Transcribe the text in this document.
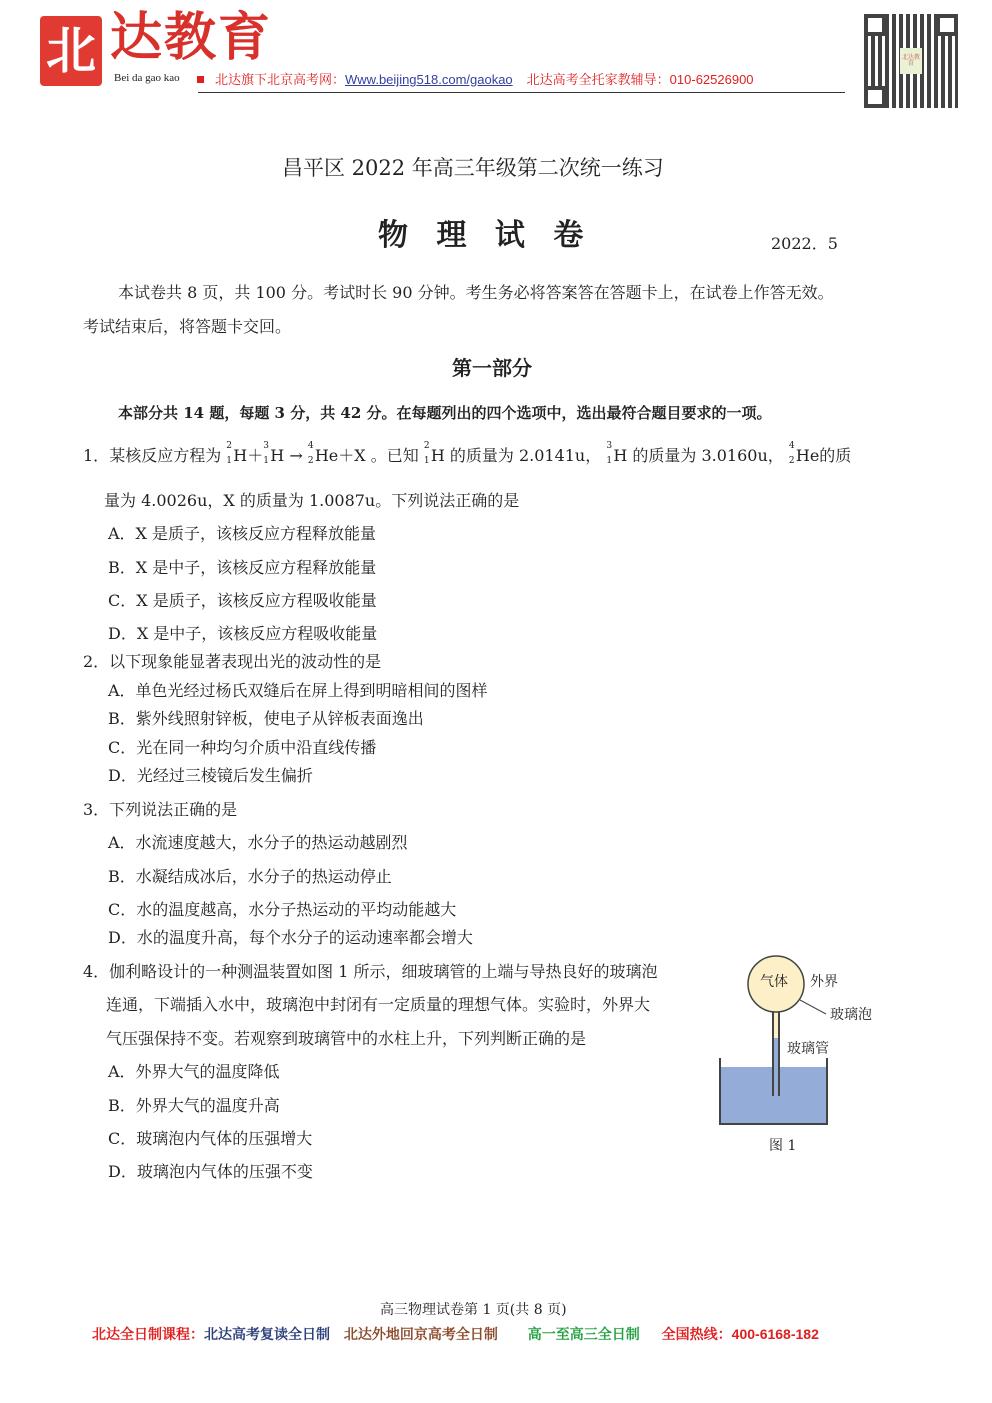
北 达教育
Bei da gao kao	北达旗下北京高考网：Www.beijing518.com/gaokao 北达高考全托家教辅导：010-62526900
北达教育
昌平区 2022 年高三年级第二次统一练习
物 理 试 卷	2022．5
本试卷共 8 页，共 100 分。考试时长 90 分钟。考生务必将答案答在答题卡上，在试卷上作答无效。
考试结束后，将答题卡交回。
第一部分
本部分共 14 题，每题 3 分，共 42 分。在每题列出的四个选项中，选出最符合题目要求的一项。
1．某核反应方程为 2
1 H＋ 3
1 H → 4
2 He＋X 。已知 2
1 H 的质量为 2.0141u， 3
1 H 的质量为 3.0160u， 4
2 He的质
量为 4.0026u，X 的质量为 1.0087u。下列说法正确的是
A．X 是质子，该核反应方程释放能量
B．X 是中子，该核反应方程释放能量
C．X 是质子，该核反应方程吸收能量
D．X 是中子，该核反应方程吸收能量
2．以下现象能显著表现出光的波动性的是
A．单色光经过杨氏双缝后在屏上得到明暗相间的图样
B．紫外线照射锌板，使电子从锌板表面逸出
C．光在同一种均匀介质中沿直线传播
D．光经过三棱镜后发生偏折
3．下列说法正确的是
A．水流速度越大，水分子的热运动越剧烈
B．水凝结成冰后，水分子的热运动停止
C．水的温度越高，水分子热运动的平均动能越大
D．水的温度升高，每个水分子的运动速率都会增大
4．伽利略设计的一种测温装置如图 1 所示，细玻璃管的上端与导热良好的玻璃泡
连通，下端插入水中，玻璃泡中封闭有一定质量的理想气体。实验时，外界大
气压强保持不变。若观察到玻璃管中的水柱上升，下列判断正确的是
A．外界大气的温度降低
B．外界大气的温度升高
C．玻璃泡内气体的压强增大
D．玻璃泡内气体的压强不变
气体 外界
玻璃泡
玻璃管
图 1
高三物理试卷第 1 页(共 8 页)
北达全日制课程：北达高考复读全日制 北达外地回京高考全日制 高一至高三全日制 全国热线：400-6168-182
